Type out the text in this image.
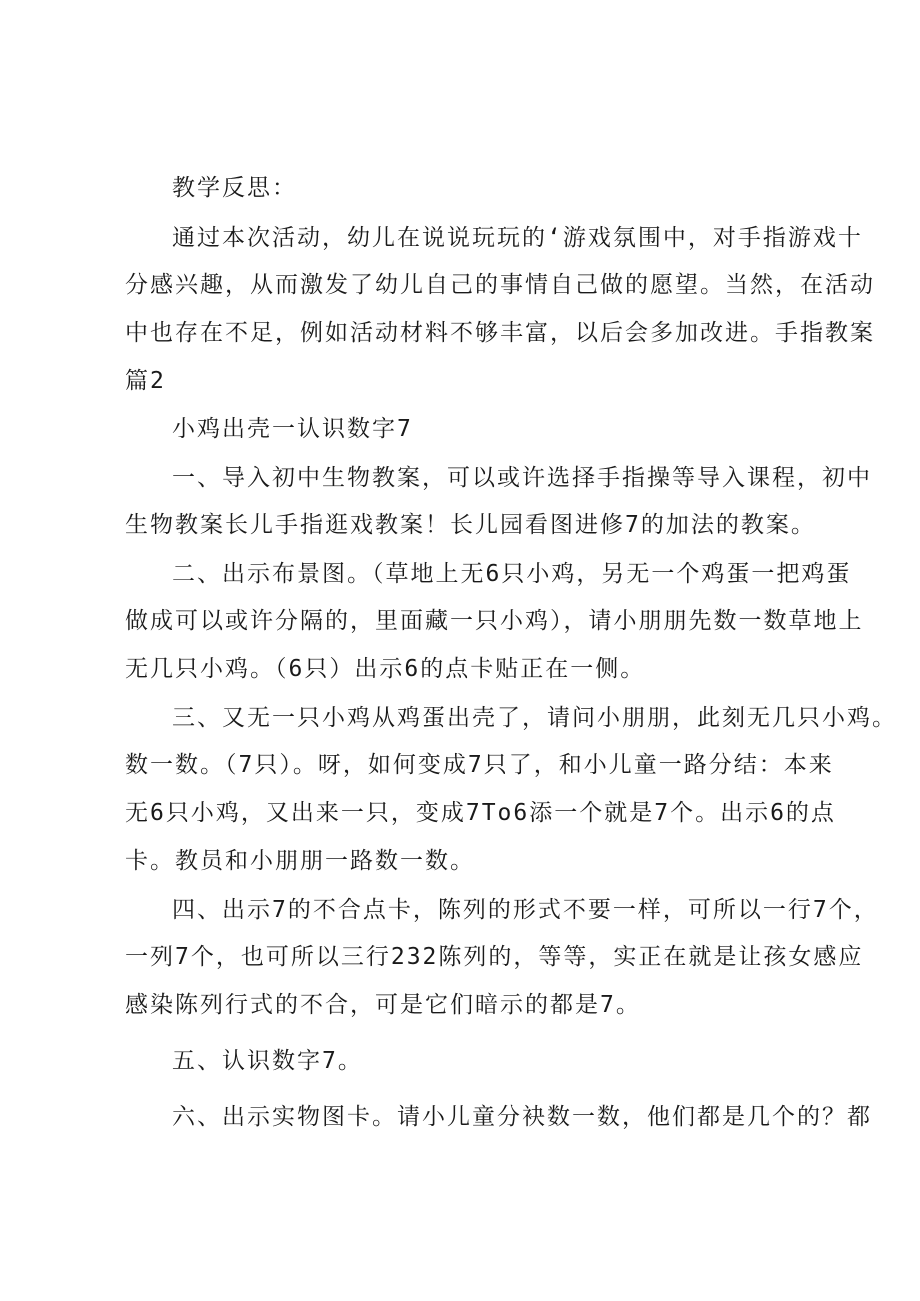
教学反思：
通过本次活动，幼儿在说说玩玩的‘游戏氛围中，对手指游戏十
分感兴趣，从而激发了幼儿自己的事情自己做的愿望。当然，在活动
中也存在不足，例如活动材料不够丰富，以后会多加改进。手指教案
篇2
小鸡出壳一认识数字7
一、导入初中生物教案，可以或许选择手指操等导入课程，初中
生物教案长儿手指逛戏教案！长儿园看图进修7的加法的教案。
二、出示布景图。（草地上无6只小鸡，另无一个鸡蛋一把鸡蛋
做成可以或许分隔的，里面藏一只小鸡），请小朋朋先数一数草地上
无几只小鸡。（6只）出示6的点卡贴正在一侧。
三、又无一只小鸡从鸡蛋出壳了，请问小朋朋，此刻无几只小鸡。
数一数。（7只）。呀，如何变成7只了，和小儿童一路分结：本来
无6只小鸡，又出来一只，变成7To6添一个就是7个。出示6的点
卡。教员和小朋朋一路数一数。
四、出示7的不合点卡，陈列的形式不要一样，可所以一行7个，
一列7个，也可所以三行232陈列的，等等，实正在就是让孩女感应
感染陈列行式的不合，可是它们暗示的都是7。
五、认识数字7。
六、出示实物图卡。请小儿童分袂数一数，他们都是几个的？都
